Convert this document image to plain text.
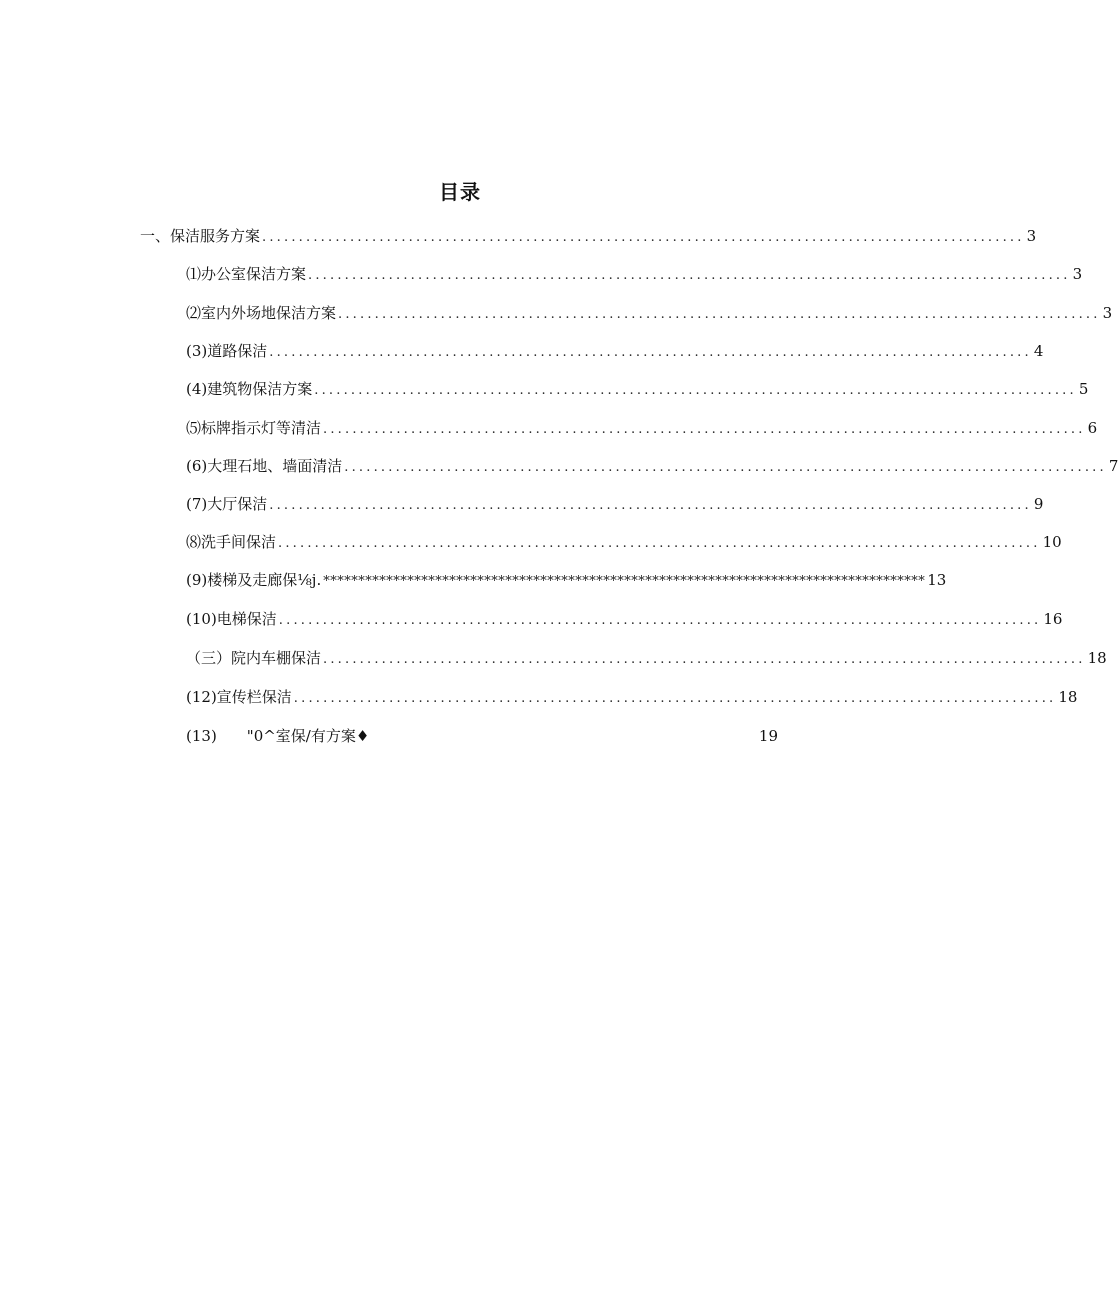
目录
一、保洁服务方案 ........................................................................................................ 3
⑴办公室保洁方案 ........................................................................................................ 3
⑵室内外场地保洁方案 ........................................................................................................ 3
(3)道路保洁 ........................................................................................................ 4
(4)建筑物保洁方案 ........................................................................................................ 5
⑸标牌指示灯等清洁 ........................................................................................................ 6
(6)大理石地、墙面清洁 ........................................................................................................ 7
(7)大厅保洁 ........................................................................................................ 9
⑻洗手间保洁 ........................................................................................................ 10
(9)楼梯及走廊保⅛j. ************************************************************************************** 13
(10)电梯保洁 ........................................................................................................ 16
（三）院内车棚保洁 ........................................................................................................ 18
(12)宣传栏保洁 ........................................................................................................ 18
(13)　　"0^室保/有方案♦	19
